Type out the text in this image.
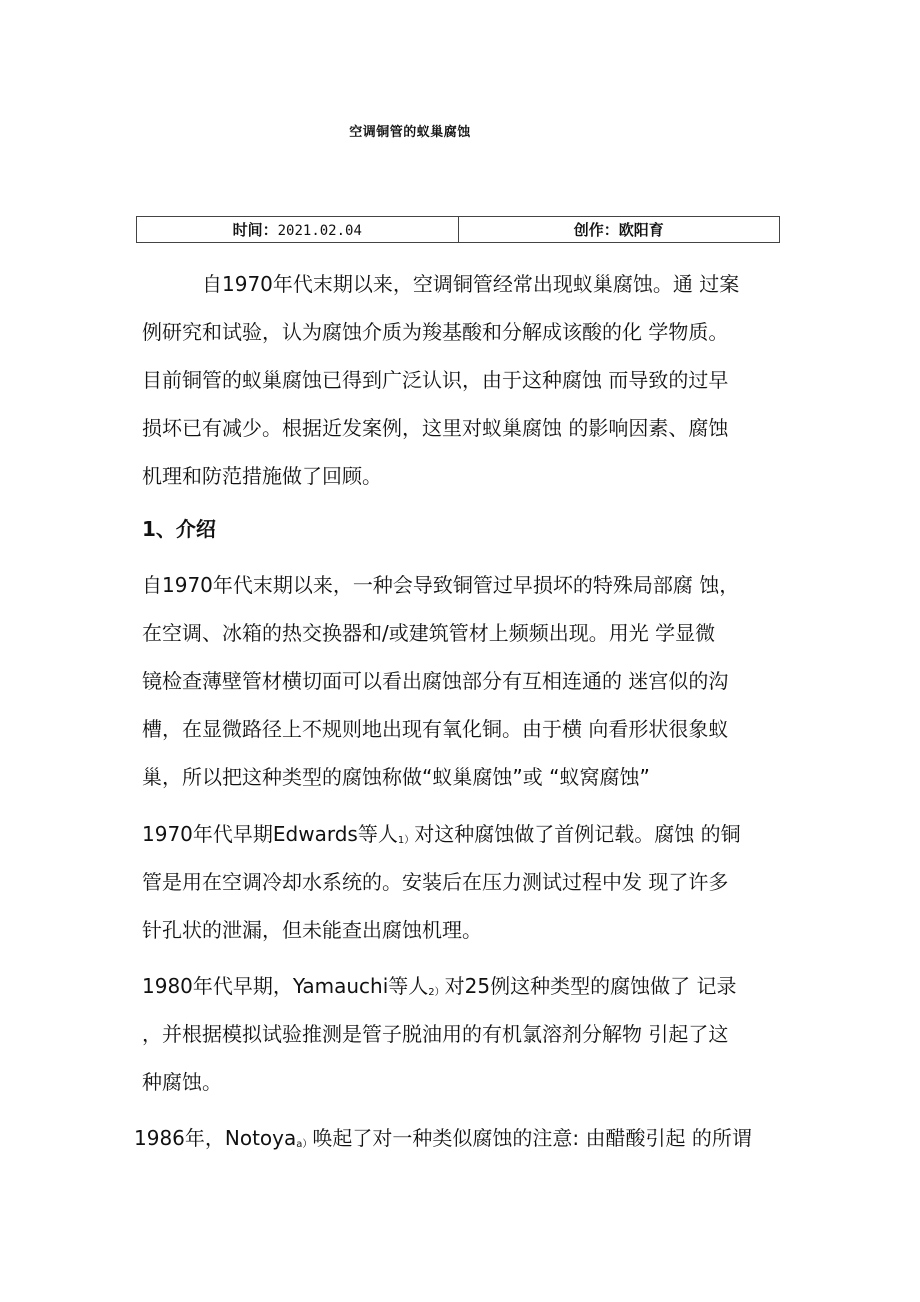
空调铜管的蚁巢腐蚀
时间：2021.02.04	创作：欧阳育
自1970年代末期以来，空调铜管经常出现蚁巢腐蚀。通 过案
例研究和试验，认为腐蚀介质为羧基酸和分解成该酸的化 学物质。
目前铜管的蚁巢腐蚀已得到广泛认识，由于这种腐蚀 而导致的过早
损坏已有减少。根据近发案例，这里对蚁巢腐蚀 的影响因素、腐蚀
机理和防范措施做了回顾。
1、介绍
自1970年代末期以来，一种会导致铜管过早损坏的特殊局部腐 蚀，
在空调、冰箱的热交换器和/或建筑管材上频频出现。用光 学显微
镜检查薄壁管材横切面可以看出腐蚀部分有互相连通的 迷宫似的沟
槽，在显微路径上不规则地出现有氧化铜。由于横 向看形状很象蚁
巢，所以把这种类型的腐蚀称做“蚁巢腐蚀”或 “蚁窝腐蚀”
1970年代早期Edwards等人$^{1)}$对这种腐蚀做了首例记载。腐蚀 的铜
管是用在空调冷却水系统的。安装后在压力测试过程中发 现了许多
针孔状的泄漏，但未能查出腐蚀机理。
1980年代早期，Yamauchi等人$^{2)}$对25例这种类型的腐蚀做了 记录
，并根据模拟试验推测是管子脱油用的有机氯溶剂分解物 引起了这
种腐蚀。
1986年，Notoya$^{a)}$唤起了对一种类似腐蚀的注意: 由醋酸引起 的所谓
